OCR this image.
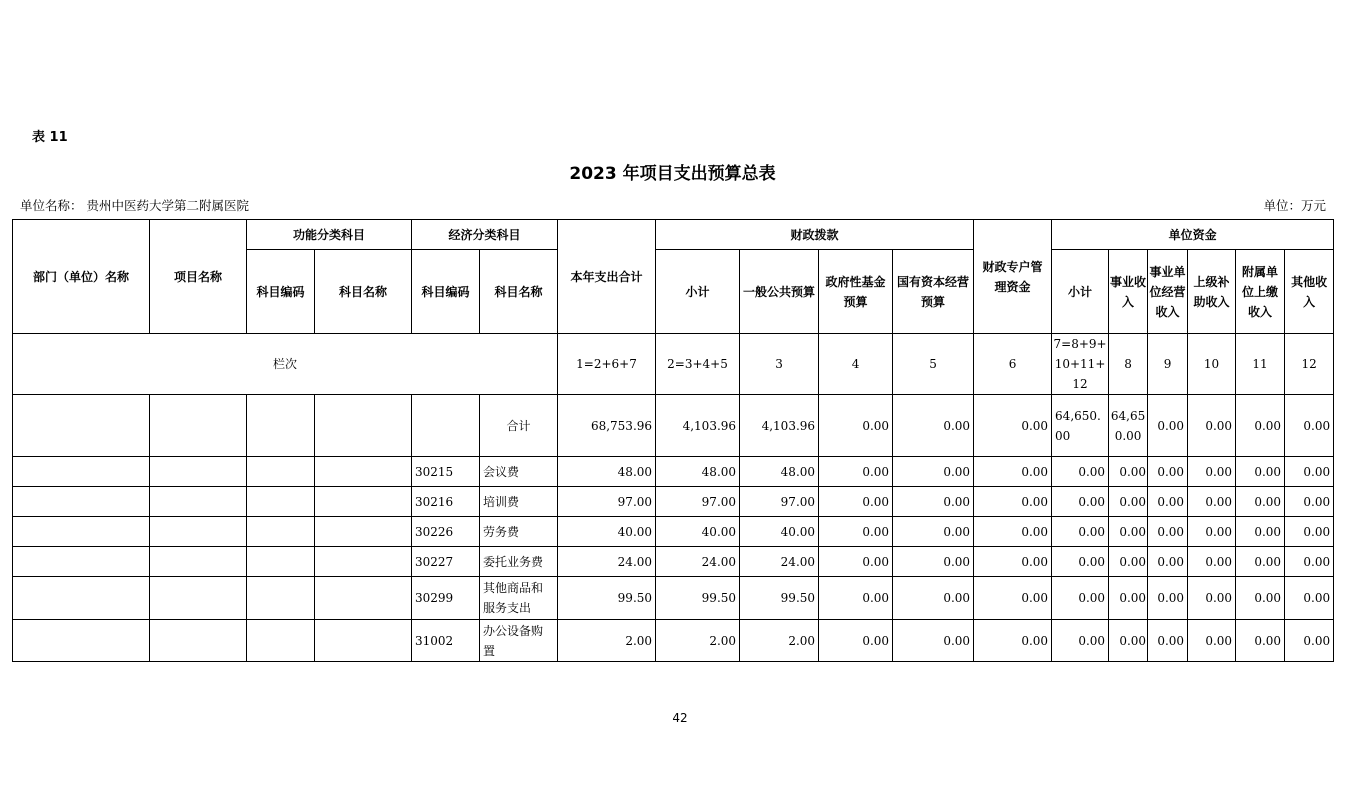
表 11
2023 年项目支出预算总表
单位名称： 贵州中医药大学第二附属医院	单位：万元
部门（单位）名称	项目名称	功能分类科目		经济分类科目		本年支出合计	财政拨款				财政专户管理资金	单位资金					
		科目编码	科目名称	科目编码	科目名称		小计	一般公共预算	政府性基金预算	国有资本经营预算		小计	事业收入	事业单位经营收入	上级补助收入	附属单位上缴收入	其他收入
栏次						1=2+6+7	2=3+4+5	3	4	5	6	7=8+9+10+11+12	8	9	10	11	12
					合计	68,753.96	4,103.96	4,103.96	0.00	0.00	0.00	64,650.00	64,650.00	0.00	0.00	0.00	0.00
				30215	会议费	48.00	48.00	48.00	0.00	0.00	0.00	0.00	0.00	0.00	0.00	0.00	0.00
				30216	培训费	97.00	97.00	97.00	0.00	0.00	0.00	0.00	0.00	0.00	0.00	0.00	0.00
				30226	劳务费	40.00	40.00	40.00	0.00	0.00	0.00	0.00	0.00	0.00	0.00	0.00	0.00
				30227	委托业务费	24.00	24.00	24.00	0.00	0.00	0.00	0.00	0.00	0.00	0.00	0.00	0.00
				30299	其他商品和服务支出	99.50	99.50	99.50	0.00	0.00	0.00	0.00	0.00	0.00	0.00	0.00	0.00
				31002	办公设备购置	2.00	2.00	2.00	0.00	0.00	0.00	0.00	0.00	0.00	0.00	0.00	0.00
42
